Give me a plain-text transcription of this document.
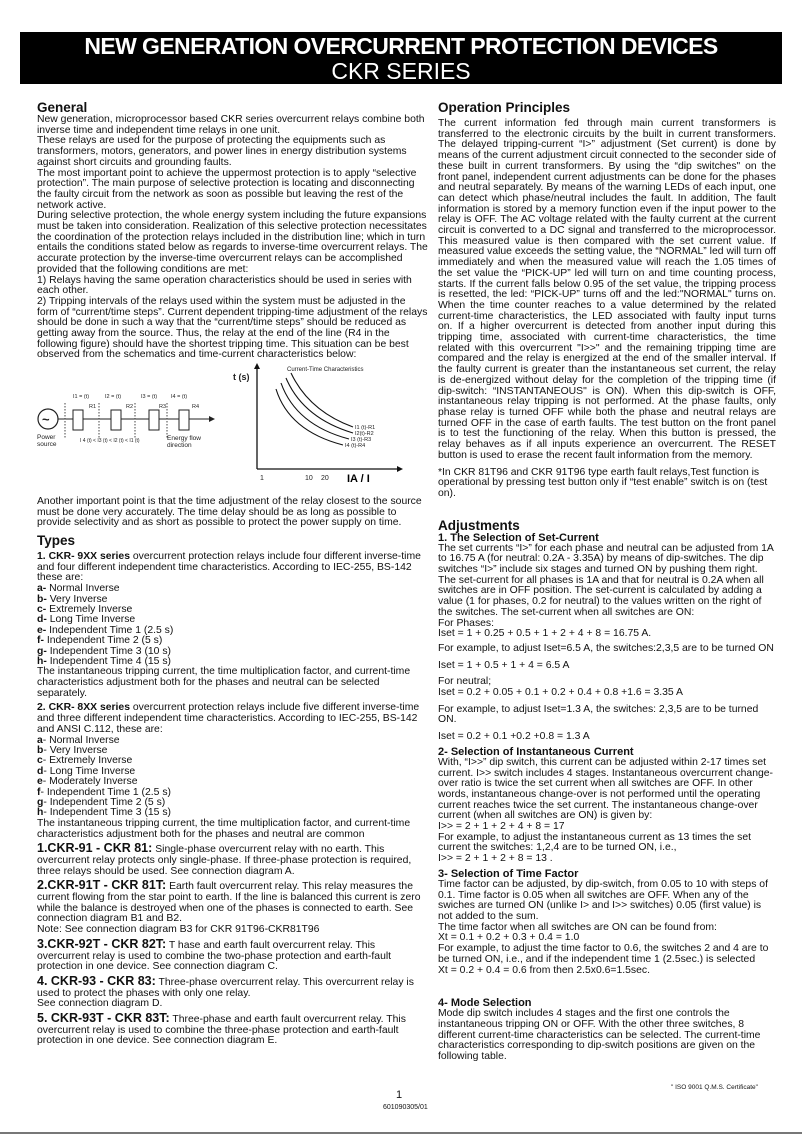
NEW GENERATION OVERCURRENT PROTECTION DEVICES
CKR SERIES
General

New generation, microprocessor based CKR series overcurrent relays combine both inverse time and independent time relays in one unit.

These relays are used for the purpose of protecting the equipments such as transformers, motors, generators, and power lines in energy distribution systems against short circuits and grounding faults.

The most important point to achieve the uppermost protection is to apply “selective protection”. The main purpose of selective protection is locating and disconnecting the faulty circuit from the network as soon as possible but leaving the rest of the network active.

During selective protection, the whole energy system including the future expansions must be taken into consideration. Realization of this selective protection necessitates the coordination of the protection relays included in the distribution line; which in turn entails the conditions stated below as regards to inverse-time overcurrent relays. The accurate protection by the inverse-time overcurrent relays can be accomplished provided that the following conditions are met:

1) Relays having the same operation characteristics should be used in series with each other.

2) Tripping intervals of the relays used within the system must be adjusted in the form of “current/time steps”. Current dependent tripping-time adjustment of the relays should be done in such a way that the “current/time steps” should be reduced as getting away from the source. Thus, the relay at the end of the line (R4 in the following figure) should have the shortest tripping time. This situation can be best observed from the schematics and time-current characteristics below:

~
I1 = (t)	I2 = (t)	I3 = (t)	I4 = (t)
R1	R2	R3	R4
Power
source	I 4 (t) < I3 (t) < I2 (t) < I1 (t)	Energy flow
direction
t (s)
Current-Time Characteristics
I1 (t)-R1
I2(t)-R2
I3 (t)-R3
I4 (t)-R4
1	10 20 IA / I

Another important point is that the time adjustment of the relay closest to the source must be done very accurately. The time delay should be as long as possible to provide selectivity and as short as possible to protect the power supply on time.

Types

1. CKR- 9XX series overcurrent protection relays include four different inverse-time and four different independent time characteristics. According to IEC-255, BS-142 these are:

a- Normal Inverse
b- Very Inverse
c- Extremely Inverse
d- Long Time Inverse
e- Independent Time 1 (2.5 s)
f- Independent Time 2 (5 s)
g- Independent Time 3 (10 s)
h- Independent Time 4 (15 s)

The instantaneous tripping current, the time multiplication factor, and current-time characteristics adjustment both for the phases and neutral can be selected separately.

2. CKR- 8XX series overcurrent protection relays include five different inverse-time and three different independent time characteristics. According to IEC-255, BS-142 and ANSI C.112, these are:

a- Normal Inverse
b- Very Inverse
c- Extremely Inverse
d- Long Time Inverse
e- Moderately Inverse
f- Independent Time 1 (2.5 s)
g- Independent Time 2 (5 s)
h- Independent Time 3 (15 s)

The instantaneous tripping current, the time multiplication factor, and current-time characteristics adjustment both for the phases and neutral are common

1.CKR-91 - CKR 81: Single-phase overcurrent relay with no earth. This overcurrent relay protects only single-phase. If three-phase protection is required, three relays should be used. See connection diagram A.
2.CKR-91T - CKR 81T: Earth fault overcurrent relay. This relay measures the current flowing from the star point to earth. If the line is balanced this current is zero while the balance is destroyed when one of the phases is connected to earth. See connection diagram B1 and B2.

Note: See connection diagram B3 for CKR 91T96-CKR81T96

3.CKR-92T - CKR 82T: T hase and earth fault overcurrent relay. This overcurrent relay is used to combine the two-phase protection and earth-fault protection in one device. See connection diagram C.
4. CKR-93 - CKR 83: Three-phase overcurrent relay. This overcurrent relay is used to protect the phases with only one relay.

See connection diagram D.

5. CKR-93T - CKR 83T: Three-phase and earth fault overcurrent relay. This overcurrent relay is used to combine the three-phase protection and earth-fault protection in one device. See connection diagram E.
Operation Principles

The current information fed through main current transformers is transferred to the electronic circuits by the built in current transformers. The delayed tripping-current “I>” adjustment (Set current) is done by means of the current adjustment circuit connected to the seconder side of these built in current transformers. By using the “dip switches" on the front panel, independent current adjustments can be done for the phases and neutral separately. By means of the warning LEDs of each input, one can detect which phase/neutral includes the fault. In addition, The fault information is stored by a memory function even if the input power to the relay is OFF. The AC voltage related with the faulty current at the current circuit is converted to a DC signal and transferred to the microprocessor. This measured value is then compared with the set current value. If measured value exceeds the setting value, the “NORMAL” led will turn off immediately and when the measured value will reach the 1.05 times of the set value the “PICK-UP” led will turn on and time counting process, starts. If the current falls below 0.95 of the set value, the tripping process is resetted, the led: “PICK-UP” turns off and the led:"NORMAL" turns on. When the time counter reaches to a value determined by the related current-time characteristics, the LED associated with faulty input turns on. If a higher overcurrent is detected from another input during this tripping time, associated with current-time characteristics, the time related with this overcurrent "I>>" and the remaining tripping time are compared and the relay is energized at the end of the smaller interval. If the faulty current is greater than the instantaneous set current, the relay is de-energized without delay for the completion of the tripping time (if dip-switch: “INSTANTANEOUS" is ON). When this dip-switch is OFF, instantaneous relay tripping is not performed. At the phase faults, only phase relay is turned OFF while both the phase and neutral relays are turned OFF in the case of earth faults. The test button on the front panel is to test the functioning of the relay. When this button is pressed, the relay behaves as if all inputs experience an overcurrent. The RESET button is used to erase the recent fault information from the memory.

*In CKR 81T96 and CKR 91T96 type earth fault relays,Test function is operational by pressing test button only if “test enable” switch is on (test on).

Adjustments
1. The Selection of Set-Current

The set currents “I>” for each phase and neutral can be adjusted from 1A to 16.75 A (for neutral: 0.2A - 3.35A) by means of dip-switches. The dip switches “I>” include six stages and turned ON by pushing them right. The set-current for all phases is 1A and that for neutral is 0.2A when all switches are in OFF position. The set-current is calculated by adding a value (1 for phases, 0.2 for neutral) to the values written on the right of the switches. The set-current when all switches are ON:

For Phases:

Iset = 1 + 0.25 + 0.5 + 1 + 2 + 4 + 8 = 16.75 A.

For example, to adjust Iset=6.5 A, the switches:2,3,5 are to be turned ON

Iset = 1 + 0.5 + 1 + 4 = 6.5 A

For neutral;

Iset = 0.2 + 0.05 + 0.1 + 0.2 + 0.4 + 0.8 +1.6 = 3.35 A

For example, to adjust Iset=1.3 A, the switches: 2,3,5 are to be turned ON.

Iset = 0.2 + 0.1 +0.2 +0.8 = 1.3 A

2- Selection of Instantaneous Current

With, “I>>” dip switch, this current can be adjusted within 2-17 times set current. I>> switch includes 4 stages. Instantaneous overcurrent change-over ratio is twice the set current when all switches are OFF. In other words, instantaneous change-over is not performed until the operating current reaches twice the set current. The instantaneous change-over current (when all switches are ON) is given by:

I>> = 2 + 1 + 2 + 4 + 8 = 17

For example, to adjust the instantaneous current as 13 times the set current the switches: 1,2,4 are to be turned ON, i.e.,

I>> = 2 + 1 + 2 + 8 = 13 .

3- Selection of Time Factor

Time factor can be adjusted, by dip-switch, from 0.05 to 10 with steps of 0.1. Time factor is 0.05 when all switches are OFF. When any of the swiches are turned ON (unlike I> and I>> switches) 0.05 (first value) is not added to the sum.

The time factor when all switches are ON can be found from:

Xt = 0.1 + 0.2 + 0.3 + 0.4 = 1.0

For example, to adjust the time factor to 0.6, the switches 2 and 4 are to be turned ON, i.e., and if the independent time 1 (2.5sec.) is selected

Xt = 0.2 + 0.4 = 0.6 from then 2.5x0.6=1.5sec.

4- Mode Selection

Mode dip switch includes 4 stages and the first one controls the instantaneous tripping ON or OFF. With the other three switches, 8 different current-time characteristics can be selected. The current-time characteristics corresponding to dip-switch positions are given on the following table.

1
601090305/01
" ISO 9001 Q.M.S. Certificate"
